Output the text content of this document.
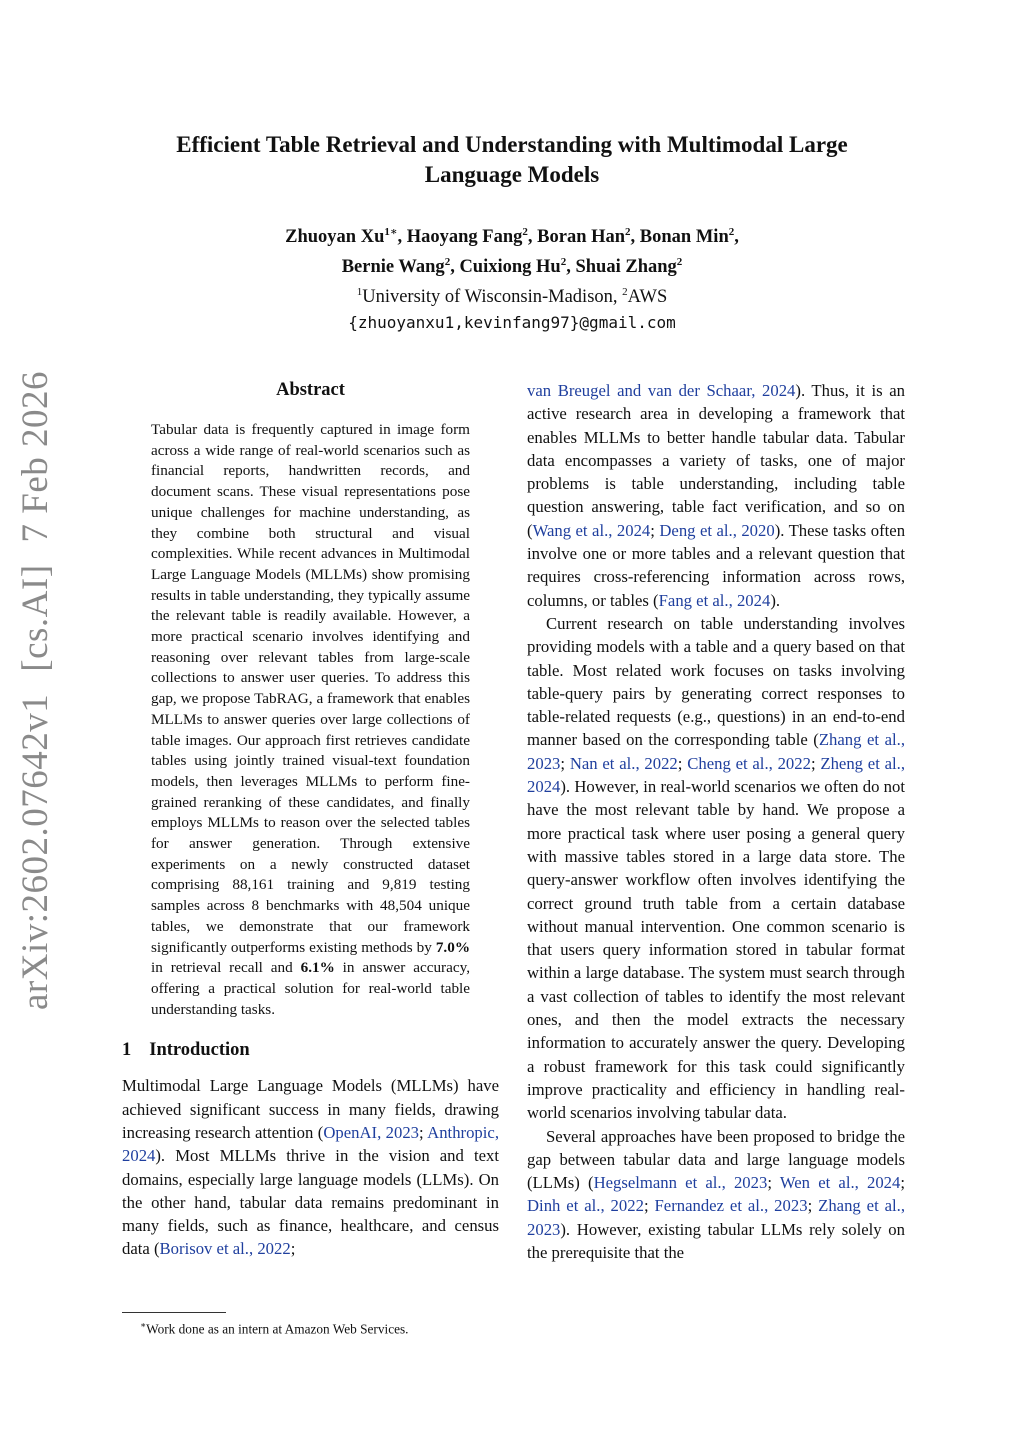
arXiv:2602.07642v1[cs.AI]7 Feb 2026
Efficient Table Retrieval and Understanding with Multimodal Large
Language Models
Zhuoyan $Xu^{1∗}$, Haoyang Fang$^2$, Boran Han$^2$, Bonan Min$^2$,
Bernie Wang$^2$, Cuixiong Hu$^2$, Shuai Zhang$^2$
$^1$University of Wisconsin-Madison, $^2$AWS
{zhuoyanxu1,kevinfang97}@gmail.com
Abstract

Tabular data is frequently captured in image form across a wide range of real-world scenarios such as financial reports, handwritten records, and document scans. These visual representations pose unique challenges for machine understanding, as they combine both structural and visual complexities. While recent advances in Multimodal Large Language Models (MLLMs) show promising results in table understanding, they typically assume the relevant table is readily available. However, a more practical scenario involves identifying and reasoning over relevant tables from large-scale collections to answer user queries. To address this gap, we propose TabRAG, a framework that enables MLLMs to answer queries over large collections of table images. Our approach first retrieves candidate tables using jointly trained visual-text foundation models, then leverages MLLMs to perform fine-grained reranking of these candidates, and finally employs MLLMs to reason over the selected tables for answer generation. Through extensive experiments on a newly constructed dataset comprising 88,161 training and 9,819 testing samples across 8 benchmarks with 48,504 unique tables, we demonstrate that our framework significantly outperforms existing methods by 7.0% in retrieval recall and 6.1% in answer accuracy, offering a practical solution for real-world table understanding tasks.

1 Introduction

Multimodal Large Language Models (MLLMs) have achieved significant success in many fields, drawing increasing research attention (OpenAI, 2023; Anthropic, 2024). Most MLLMs thrive in the vision and text domains, especially large language models (LLMs). On the other hand, tabular data remains predominant in many fields, such as finance, healthcare, and census data (Borisov et al., 2022;

van Breugel and van der Schaar, 2024). Thus, it is an active research area in developing a framework that enables MLLMs to better handle tabular data. Tabular data encompasses a variety of tasks, one of major problems is table understanding, including table question answering, table fact verification, and so on (Wang et al., 2024; Deng et al., 2020). These tasks often involve one or more tables and a relevant question that requires cross-referencing information across rows, columns, or tables (Fang et al., 2024).

Current research on table understanding involves providing models with a table and a query based on that table. Most related work focuses on tasks involving table-query pairs by generating correct responses to table-related requests (e.g., questions) in an end-to-end manner based on the corresponding table (Zhang et al., 2023; Nan et al., 2022; Cheng et al., 2022; Zheng et al., 2024). However, in real-world scenarios we often do not have the most relevant table by hand. We propose a more practical task where user posing a general query with massive tables stored in a large data store. The query-answer workflow often involves identifying the correct ground truth table from a certain database without manual intervention. One common scenario is that users query information stored in tabular format within a large database. The system must search through a vast collection of tables to identify the most relevant ones, and then the model extracts the necessary information to accurately answer the query. Developing a robust framework for this task could significantly improve practicality and efficiency in handling real-world scenarios involving tabular data.

Several approaches have been proposed to bridge the gap between tabular data and large language models (LLMs) (Hegselmann et al., 2023; Wen et al., 2024; Dinh et al., 2022; Fernandez et al., 2023; Zhang et al., 2023). However, existing tabular LLMs rely solely on the prerequisite that the

∗Work done as an intern at Amazon Web Services.
